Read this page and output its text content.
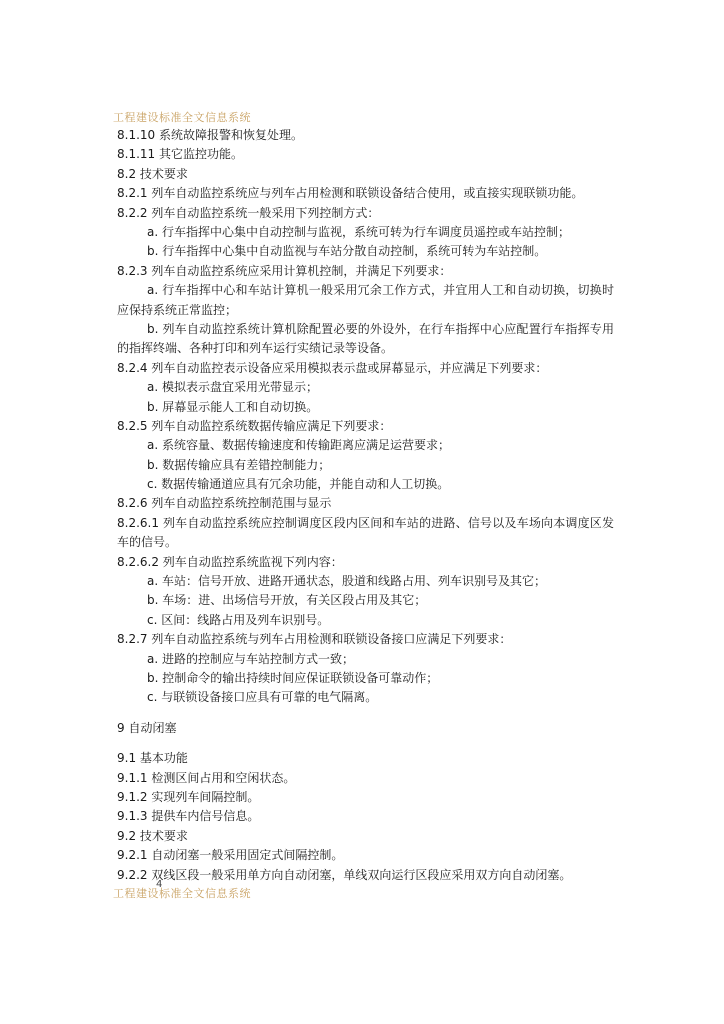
工程建设标准全文信息系统
8.1.10 系统故障报警和恢复处理。
8.1.11 其它监控功能。
8.2 技术要求
8.2.1 列车自动监控系统应与列车占用检测和联锁设备结合使用，或直接实现联锁功能。
8.2.2 列车自动监控系统一般采用下列控制方式：
a. 行车指挥中心集中自动控制与监视，系统可转为行车调度员遥控或车站控制；
b. 行车指挥中心集中自动监视与车站分散自动控制，系统可转为车站控制。
8.2.3 列车自动监控系统应采用计算机控制，并满足下列要求：
a. 行车指挥中心和车站计算机一般采用冗余工作方式，并宜用人工和自动切换，切换时应保持系统正常监控；
b. 列车自动监控系统计算机除配置必要的外设外，在行车指挥中心应配置行车指挥专用的指挥终端、各种打印和列车运行实绩记录等设备。
8.2.4 列车自动监控表示设备应采用模拟表示盘或屏幕显示，并应满足下列要求：
a. 模拟表示盘宜采用光带显示；
b. 屏幕显示能人工和自动切换。
8.2.5 列车自动监控系统数据传输应满足下列要求：
a. 系统容量、数据传输速度和传输距离应满足运营要求；
b. 数据传输应具有差错控制能力；
c. 数据传输通道应具有冗余功能，并能自动和人工切换。
8.2.6 列车自动监控系统控制范围与显示
8.2.6.1 列车自动监控系统应控制调度区段内区间和车站的进路、信号以及车场向本调度区发车的信号。
8.2.6.2 列车自动监控系统监视下列内容：
a. 车站：信号开放、进路开通状态，股道和线路占用、列车识别号及其它；
b. 车场：进、出场信号开放，有关区段占用及其它；
c. 区间：线路占用及列车识别号。
8.2.7 列车自动监控系统与列车占用检测和联锁设备接口应满足下列要求：
a. 进路的控制应与车站控制方式一致；
b. 控制命令的输出持续时间应保证联锁设备可靠动作；
c. 与联锁设备接口应具有可靠的电气隔离。
9 自动闭塞
9.1 基本功能
9.1.1 检测区间占用和空闲状态。
9.1.2 实现列车间隔控制。
9.1.3 提供车内信号信息。
9.2 技术要求
9.2.1 自动闭塞一般采用固定式间隔控制。
9.2.2 双线区段一般采用单方向自动闭塞，单线双向运行区段应采用双方向自动闭塞。
工程建设标准全文信息系统
4
